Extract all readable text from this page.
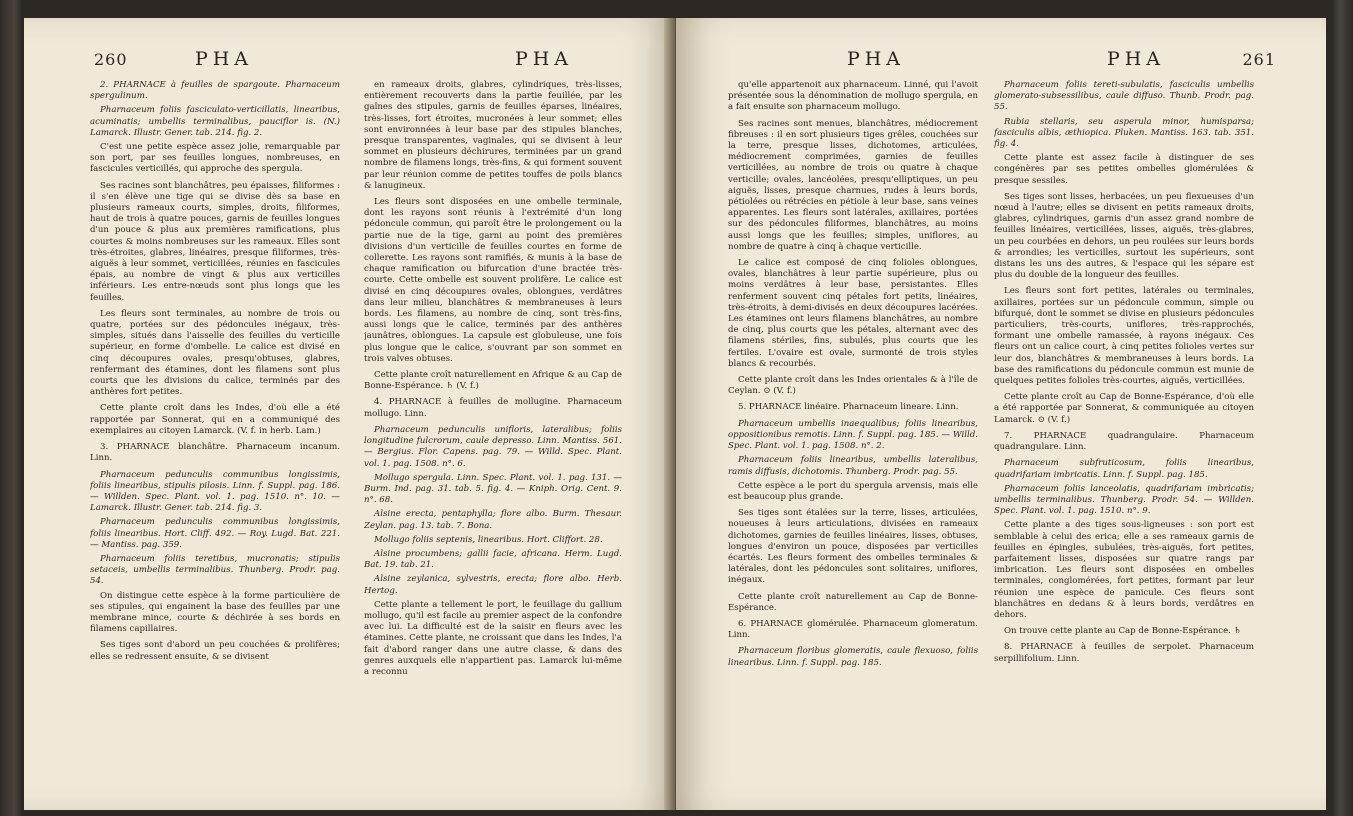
260	PHA	PHA

2. PHARNACE à feuilles de spargoute. Pharnaceum spergulinum.

Pharnaceum foliis fasciculato-verticillatis, linearibus, acuminatis; umbellis terminalibus, pauciflor is. (N.) Lamarck. Illustr. Gener. tab. 214. fig. 2.

C'est une petite espèce assez jolie, remarquable par son port, par ses feuilles longues, nombreuses, en fascicules verticillés, qui approche des spergula.

Ses racines sont blanchâtres, peu épaisses, filiformes : il s'en élève une tige qui se divise dès sa base en plusieurs rameaux courts, simples, droits, filiformes, haut de trois à quatre pouces, garnis de feuilles longues d'un pouce & plus aux premières ramifications, plus courtes & moins nombreuses sur les rameaux. Elles sont très-étroites, glabres, linéaires, presque filiformes, très-aiguës à leur sommet, verticillées, réunies en fascicules épais, au nombre de vingt & plus aux verticilles inférieurs. Les entre-nœuds sont plus longs que les feuilles.

Les fleurs sont terminales, au nombre de trois ou quatre, portées sur des pédoncules inégaux, très-simples, situés dans l'aisselle des feuilles du verticille supérieur, en forme d'ombelle. Le calice est divisé en cinq découpures ovales, presqu'obtuses, glabres, renfermant des étamines, dont les filamens sont plus courts que les divisions du calice, terminés par des anthères fort petites.

Cette plante croît dans les Indes, d'où elle a été rapportée par Sonnerat, qui en a communiqué des exemplaires au citoyen Lamarck. (V. f. in herb. Lam.)

3. PHARNACE blanchâtre. Pharnaceum incanum. Linn.

Pharnaceum pedunculis communibus longissimis, foliis linearibus, stipulis pilosis. Linn. f. Suppl. pag. 186. — Willden. Spec. Plant. vol. 1. pag. 1510. n°. 10. — Lamarck. Illustr. Gener. tab. 214. fig. 3.

Pharnaceum pedunculis communibus longissimis, foliis linearibus. Hort. Cliff. 492. — Roy. Lugd. Bat. 221. — Mantiss. pag. 359.

Pharnaceum foliis teretibus, mucronatis; stipulis setaceis, umbellis terminalibus. Thunberg. Prodr. pag. 54.

On distingue cette espèce à la forme particulière de ses stipules, qui engainent la base des feuilles par une membrane mince, courte & déchirée à ses bords en filamens capillaires.

Ses tiges sont d'abord un peu couchées & prolifères; elles se redressent ensuite, & se divisent

en rameaux droits, glabres, cylindriques, très-lisses, entièrement recouverts dans la partie feuillée, par les gaînes des stipules, garnis de feuilles éparses, linéaires, très-lisses, fort étroites, mucronées à leur sommet; elles sont environnées à leur base par des stipules blanches, presque transparentes, vaginales, qui se divisent à leur sommet en plusieurs déchirures, terminées par un grand nombre de filamens longs, très-fins, & qui forment souvent par leur réunion comme de petites touffes de poils blancs & lanugineux.

Les fleurs sont disposées en une ombelle terminale, dont les rayons sont réunis à l'extrémité d'un long pédoncule commun, qui paroît être le prolongement ou la partie nue de la tige, garni au point des premières divisions d'un verticille de feuilles courtes en forme de collerette. Les rayons sont ramifiés, & munis à la base de chaque ramification ou bifurcation d'une bractée très-courte. Cette ombelle est souvent prolifère. Le calice est divisé en cinq découpures ovales, oblongues, verdâtres dans leur milieu, blanchâtres & membraneuses à leurs bords. Les filamens, au nombre de cinq, sont très-fins, aussi longs que le calice, terminés par des anthères jaunâtres, oblongues. La capsule est globuleuse, une fois plus longue que le calice, s'ouvrant par son sommet en trois valves obtuses.

Cette plante croît naturellement en Afrique & au Cap de Bonne-Espérance. ♄ (V. f.)

4. PHARNACE à feuilles de mollugine. Pharnaceum mollugo. Linn.

Pharnaceum pedunculis unifloris, lateralibus; foliis longitudine fulcrorum, caule depresso. Linn. Mantiss. 561. — Bergius. Flor. Capens. pag. 79. — Willd. Spec. Plant. vol. 1. pag. 1508. n°. 6.

Mollugo spergula. Linn. Spec. Plant. vol. 1. pag. 131. — Burm. Ind. pag. 31. tab. 5. fig. 4. — Kniph. Orig. Cent. 9. n°. 68.

Alsine erecta, pentaphylla; flore albo. Burm. Thesaur. Zeylan. pag. 13. tab. 7. Bona.

Mollugo foliis septenis, linearibus. Hort. Cliffort. 28.

Alsine procumbens; gallii facie, africana. Herm. Lugd. Bat. 19. tab. 21.

Alsine zeylanica, sylvestris, erecta; flore albo. Herb. Hertog.

Cette plante a tellement le port, le feuillage du gallium mollugo, qu'il est facile au premier aspect de la confondre avec lui. La difficulté est de la saisir en fleurs avec les étamines. Cette plante, ne croissant que dans les Indes, l'a fait d'abord ranger dans une autre classe, & dans des genres auxquels elle n'appartient pas. Lamarck lui-même a reconnu

PHA	PHA	261

qu'elle appartenoit aux pharnaceum. Linné, qui l'avoit présentée sous la dénomination de mollugo spergula, en a fait ensuite son pharnaceum mollugo.

Ses racines sont menues, blanchâtres, médiocrement fibreuses : il en sort plusieurs tiges grêles, couchées sur la terre, presque lisses, dichotomes, articulées, médiocrement comprimées, garnies de feuilles verticillées, au nombre de trois ou quatre à chaque verticille; ovales, lancéolées, presqu'elliptiques, un peu aiguës, lisses, presque charnues, rudes à leurs bords, pétiolées ou rétrécies en pétiole à leur base, sans veines apparentes. Les fleurs sont latérales, axillaires, portées sur des pédoncules filiformes, blanchâtres, au moins aussi longs que les feuilles; simples, uniflores, au nombre de quatre à cinq à chaque verticille.

Le calice est composé de cinq folioles oblongues, ovales, blanchâtres à leur partie supérieure, plus ou moins verdâtres à leur base, persistantes. Elles renferment souvent cinq pétales fort petits, linéaires, très-étroits, à demi-divisés en deux découpures lacérées. Les étamines ont leurs filamens blanchâtres, au nombre de cinq, plus courts que les pétales, alternant avec des filamens stériles, fins, subulés, plus courts que les fertiles. L'ovaire est ovale, surmonté de trois styles blancs & recourbés.

Cette plante croît dans les Indes orientales & à l'île de Ceylan. ⊙ (V. f.)

5. PHARNACE linéaire. Pharnaceum lineare. Linn.

Pharnaceum umbellis inaequalibus; foliis linearibus, oppositionibus remotis. Linn. f. Suppl. pag. 185. — Willd. Spec. Plant. vol. 1. pag. 1508. n°. 2.

Pharnaceum foliis linearibus, umbellis lateralibus, ramis diffusis, dichotomis. Thunberg. Prodr. pag. 55.

Cette espèce a le port du spergula arvensis, mais elle est beaucoup plus grande.

Ses tiges sont étalées sur la terre, lisses, articulées, noueuses à leurs articulations, divisées en rameaux dichotomes, garnies de feuilles linéaires, lisses, obtuses, longues d'environ un pouce, disposées par verticilles écartés. Les fleurs forment des ombelles terminales & latérales, dont les pédoncules sont solitaires, uniflores, inégaux.

Cette plante croît naturellement au Cap de Bonne-Espérance.

6. PHARNACE glomérulée. Pharnaceum glomeratum. Linn.

Pharnaceum floribus glomeratis, caule flexuoso, foliis linearibus. Linn. f. Suppl. pag. 185.

Pharnaceum foliis tereti-subulatis, fasciculis umbellis glomerato-subsessilibus, caule diffuso. Thunb. Prodr. pag. 55.

Rubia stellaris, seu asperula minor, humisparsa; fasciculis albis, æthiopica. Pluken. Mantiss. 163. tab. 351. fig. 4.

Cette plante est assez facile à distinguer de ses congénères par ses petites ombelles glomérulées & presque sessiles.

Ses tiges sont lisses, herbacées, un peu flexueuses d'un nœud à l'autre; elles se divisent en petits rameaux droits, glabres, cylindriques, garnis d'un assez grand nombre de feuilles linéaires, verticillées, lisses, aiguës, très-glabres, un peu courbées en dehors, un peu roulées sur leurs bords & arrondies; les verticilles, surtout les supérieurs, sont distans les uns des autres, & l'espace qui les sépare est plus du double de la longueur des feuilles.

Les fleurs sont fort petites, latérales ou terminales, axillaires, portées sur un pédoncule commun, simple ou bifurqué, dont le sommet se divise en plusieurs pédoncules particuliers, très-courts, uniflores, très-rapprochés, formant une ombelle ramassée, à rayons inégaux. Ces fleurs ont un calice court, à cinq petites folioles vertes sur leur dos, blanchâtres & membraneuses à leurs bords. La base des ramifications du pédoncule commun est munie de quelques petites folioles très-courtes, aiguës, verticillées.

Cette plante croît au Cap de Bonne-Espérance, d'où elle a été rapportée par Sonnerat, & communiquée au citoyen Lamarck. ⊙ (V. f.)

7. PHARNACE quadrangulaire. Pharnaceum quadrangulare. Linn.

Pharnaceum subfruticosum, foliis linearibus, quadrifariam imbricatis. Linn. f. Suppl. pag. 185.

Pharnaceum foliis lanceolatis, quadrifariam imbricatis; umbellis terminalibus. Thunberg. Prodr. 54. — Willden. Spec. Plant. vol. 1. pag. 1510. n°. 9.

Cette plante a des tiges sous-ligneuses : son port est semblable à celui des erica; elle a ses rameaux garnis de feuilles en épingles, subulées, très-aiguës, fort petites, parfaitement lisses, disposées sur quatre rangs par imbrication. Les fleurs sont disposées en ombelles terminales, conglomérées, fort petites, formant par leur réunion une espèce de panicule. Ces fleurs sont blanchâtres en dedans & à leurs bords, verdâtres en dehors.

On trouve cette plante au Cap de Bonne-Espérance. ♄

8. PHARNACE à feuilles de serpolet. Pharnaceum serpillifolium. Linn.
